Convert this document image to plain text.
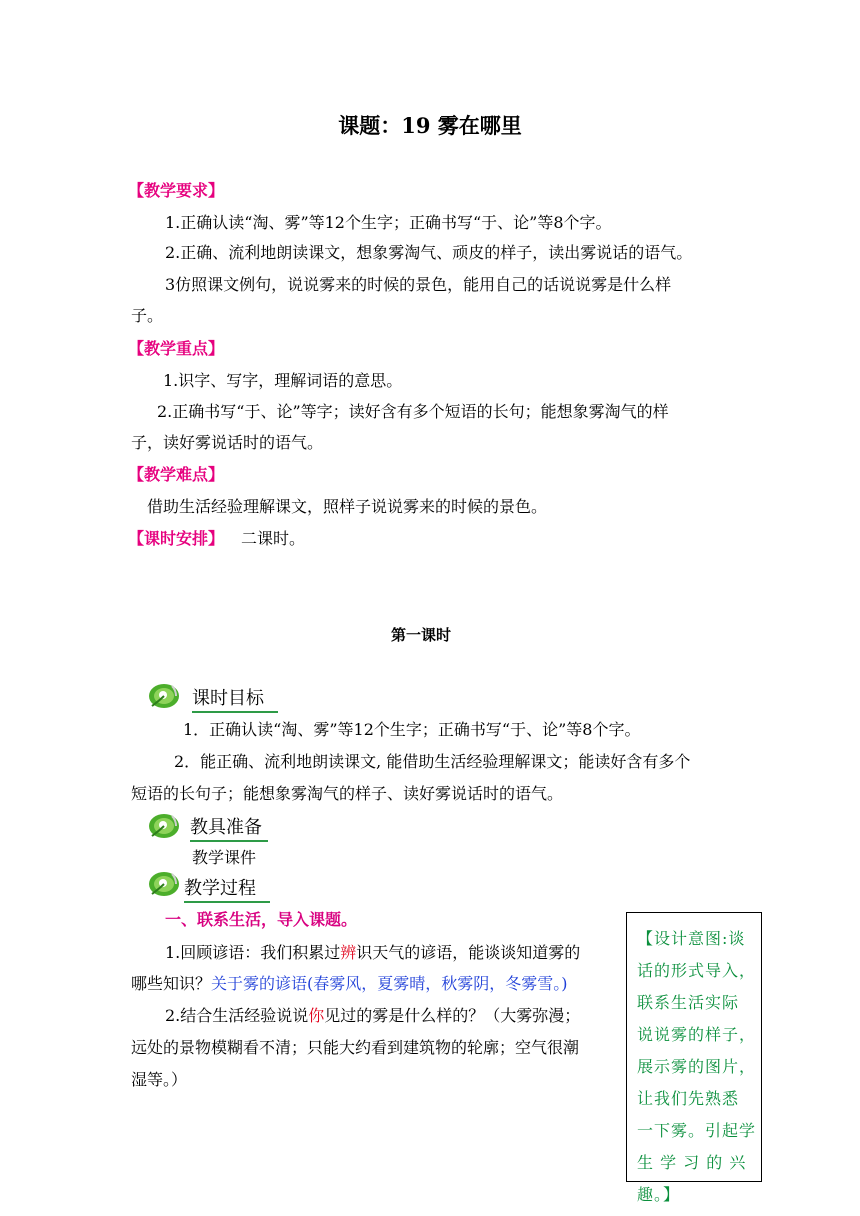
课题：19 雾在哪里
【教学要求】
1.正确认读“淘、雾”等12个生字；正确书写“于、论”等8个字。
2.正确、流利地朗读课文，想象雾淘气、顽皮的样子，读出雾说话的语气。
3仿照课文例句，说说雾来的时候的景色，能用自己的话说说雾是什么样
子。
【教学重点】
1.识字、写字，理解词语的意思。
2.正确书写“于、论”等字；读好含有多个短语的长句；能想象雾淘气的样
子，读好雾说话时的语气。
【教学难点】
借助生活经验理解课文，照样子说说雾来的时候的景色。
【课时安排】 二课时。
第一课时
课时目标
1．正确认读“淘、雾”等12个生字；正确书写“于、论”等8个字。
2．能正确、流利地朗读课文, 能借助生活经验理解课文；能读好含有多个
短语的长句子；能想象雾淘气的样子、读好雾说话时的语气。
教具准备
教学课件
教学过程
一、联系生活，导入课题。
1.回顾谚语：我们积累过辨识天气的谚语，能谈谈知道雾的
哪些知识？关于雾的谚语(春雾风，夏雾晴，秋雾阴，冬雾雪。)
2.结合生活经验说说你见过的雾是什么样的？（大雾弥漫；
远处的景物模糊看不清；只能大约看到建筑物的轮廓；空气很潮
湿等。）
【设计意图:谈
话的形式导入，
联系生活实际
说说雾的样子，
展示雾的图片，
让我们先熟悉
一下雾。引起学
生 学 习 的 兴
趣。】
